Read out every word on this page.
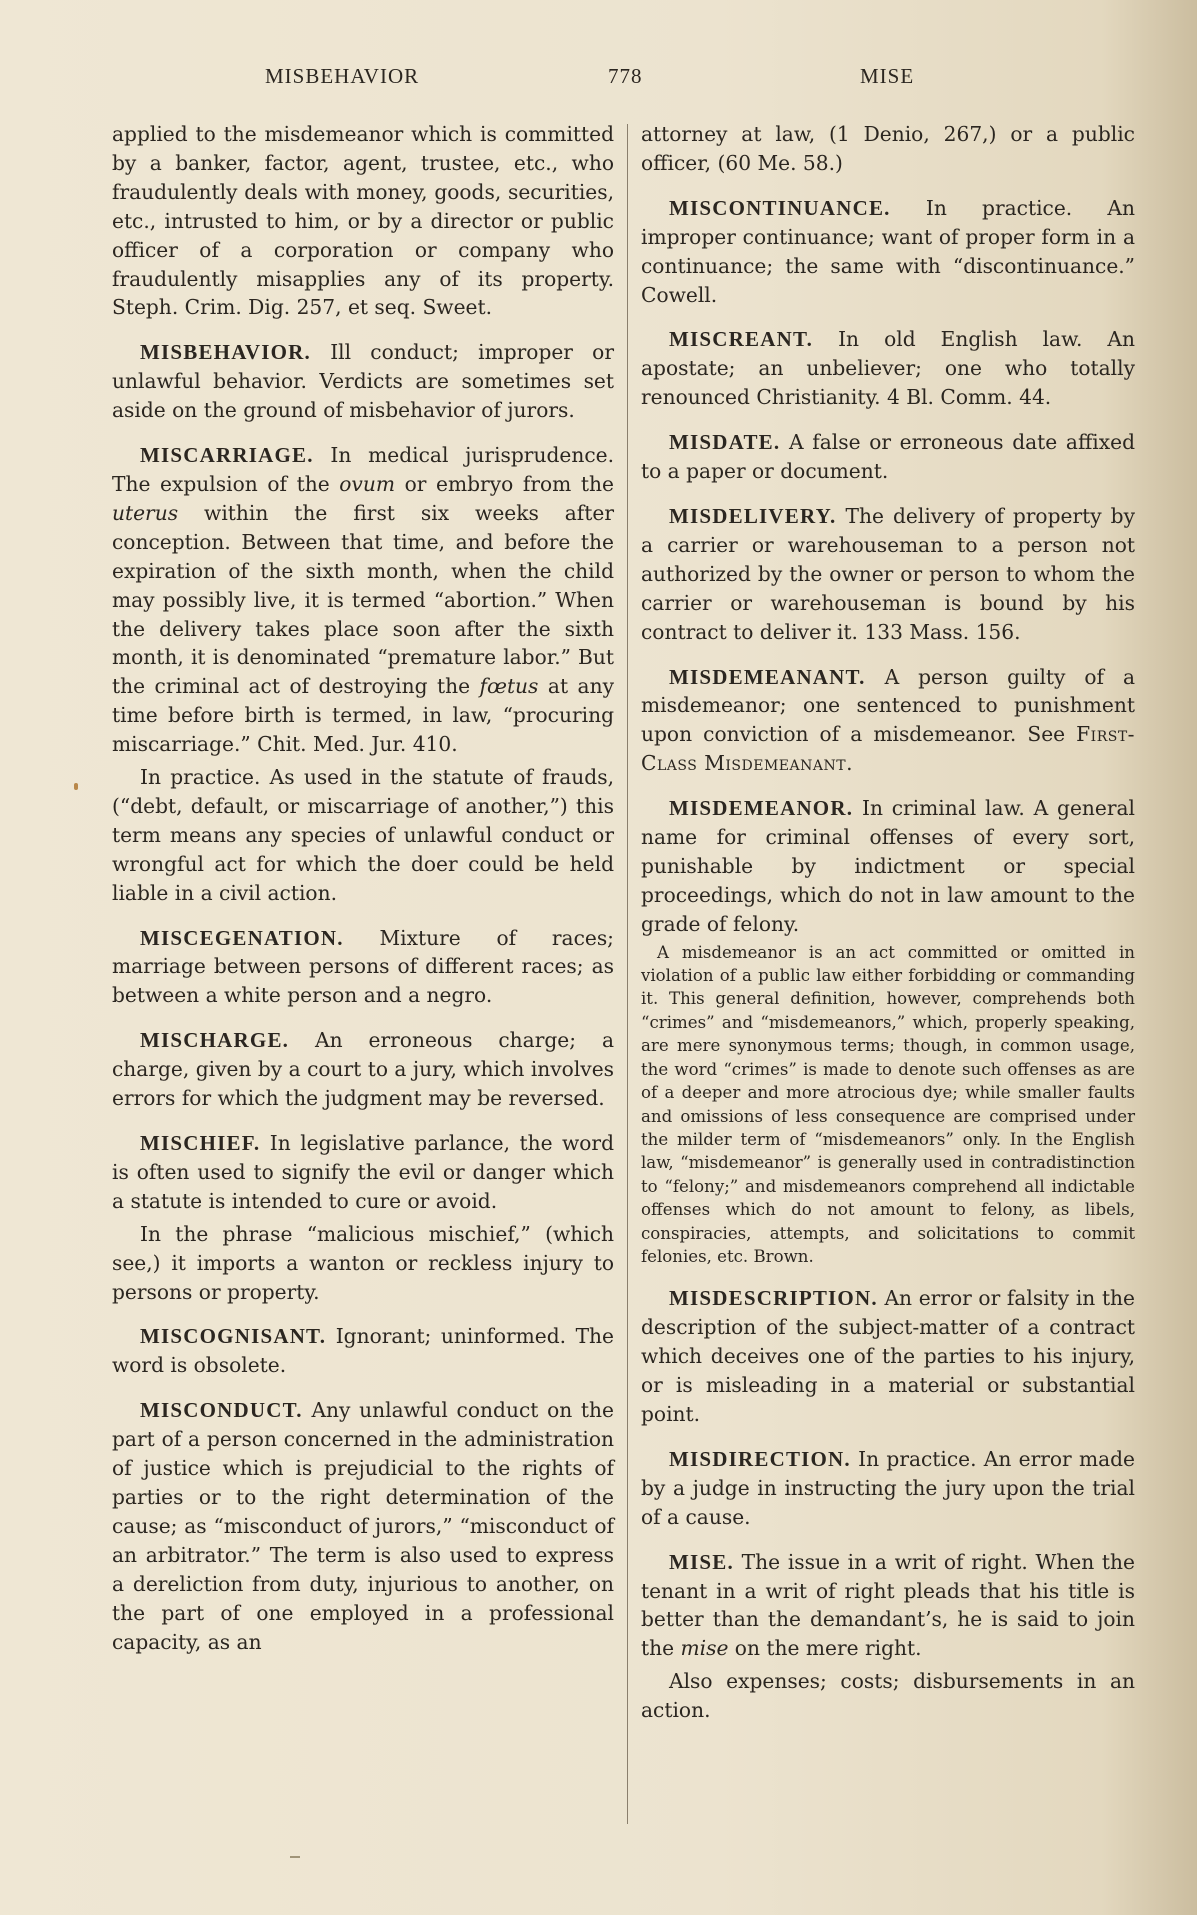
MISBEHAVIOR	778	MISE

applied to the misdemeanor which is committed by a banker, factor, agent, trustee, etc., who fraudulently deals with money, goods, securities, etc., intrusted to him, or by a director or public officer of a corporation or company who fraudulently misapplies any of its property. Steph. Crim. Dig. 257, et seq. Sweet.

MISBEHAVIOR. Ill conduct; improper or unlawful behavior. Verdicts are sometimes set aside on the ground of misbehavior of jurors.

MISCARRIAGE. In medical jurisprudence. The expulsion of the ovum or embryo from the uterus within the first six weeks after conception. Between that time, and before the expiration of the sixth month, when the child may possibly live, it is termed “abortion.” When the delivery takes place soon after the sixth month, it is denominated “premature labor.” But the criminal act of destroying the fœtus at any time before birth is termed, in law, “procuring miscarriage.” Chit. Med. Jur. 410.

In practice. As used in the statute of frauds, (“debt, default, or miscarriage of another,”) this term means any species of unlawful conduct or wrongful act for which the doer could be held liable in a civil action.

MISCEGENATION. Mixture of races; marriage between persons of different races; as between a white person and a negro.

MISCHARGE. An erroneous charge; a charge, given by a court to a jury, which involves errors for which the judgment may be reversed.

MISCHIEF. In legislative parlance, the word is often used to signify the evil or danger which a statute is intended to cure or avoid.

In the phrase “malicious mischief,” (which see,) it imports a wanton or reckless injury to persons or property.

MISCOGNISANT. Ignorant; uninformed. The word is obsolete.

MISCONDUCT. Any unlawful conduct on the part of a person concerned in the administration of justice which is prejudicial to the rights of parties or to the right determination of the cause; as “misconduct of jurors,” “misconduct of an arbitrator.” The term is also used to express a dereliction from duty, injurious to another, on the part of one employed in a professional capacity, as an

attorney at law, (1 Denio, 267,) or a public officer, (60 Me. 58.)

MISCONTINUANCE. In practice. An improper continuance; want of proper form in a continuance; the same with “discontinuance.” Cowell.

MISCREANT. In old English law. An apostate; an unbeliever; one who totally renounced Christianity. 4 Bl. Comm. 44.

MISDATE. A false or erroneous date affixed to a paper or document.

MISDELIVERY. The delivery of property by a carrier or warehouseman to a person not authorized by the owner or person to whom the carrier or warehouseman is bound by his contract to deliver it. 133 Mass. 156.

MISDEMEANANT. A person guilty of a misdemeanor; one sentenced to punishment upon conviction of a misdemeanor. See First-Class Misdemeanant.

MISDEMEANOR. In criminal law. A general name for criminal offenses of every sort, punishable by indictment or special proceedings, which do not in law amount to the grade of felony.

A misdemeanor is an act committed or omitted in violation of a public law either forbidding or commanding it. This general definition, however, comprehends both “crimes” and “misdemeanors,” which, properly speaking, are mere synonymous terms; though, in common usage, the word “crimes” is made to denote such offenses as are of a deeper and more atrocious dye; while smaller faults and omissions of less consequence are comprised under the milder term of “misdemeanors” only. In the English law, “misdemeanor” is generally used in contradistinction to “felony;” and misdemeanors comprehend all indictable offenses which do not amount to felony, as libels, conspiracies, attempts, and solicitations to commit felonies, etc. Brown.

MISDESCRIPTION. An error or falsity in the description of the subject-matter of a contract which deceives one of the parties to his injury, or is misleading in a material or substantial point.

MISDIRECTION. In practice. An error made by a judge in instructing the jury upon the trial of a cause.

MISE. The issue in a writ of right. When the tenant in a writ of right pleads that his title is better than the demandant’s, he is said to join the mise on the mere right.

Also expenses; costs; disbursements in an action.
